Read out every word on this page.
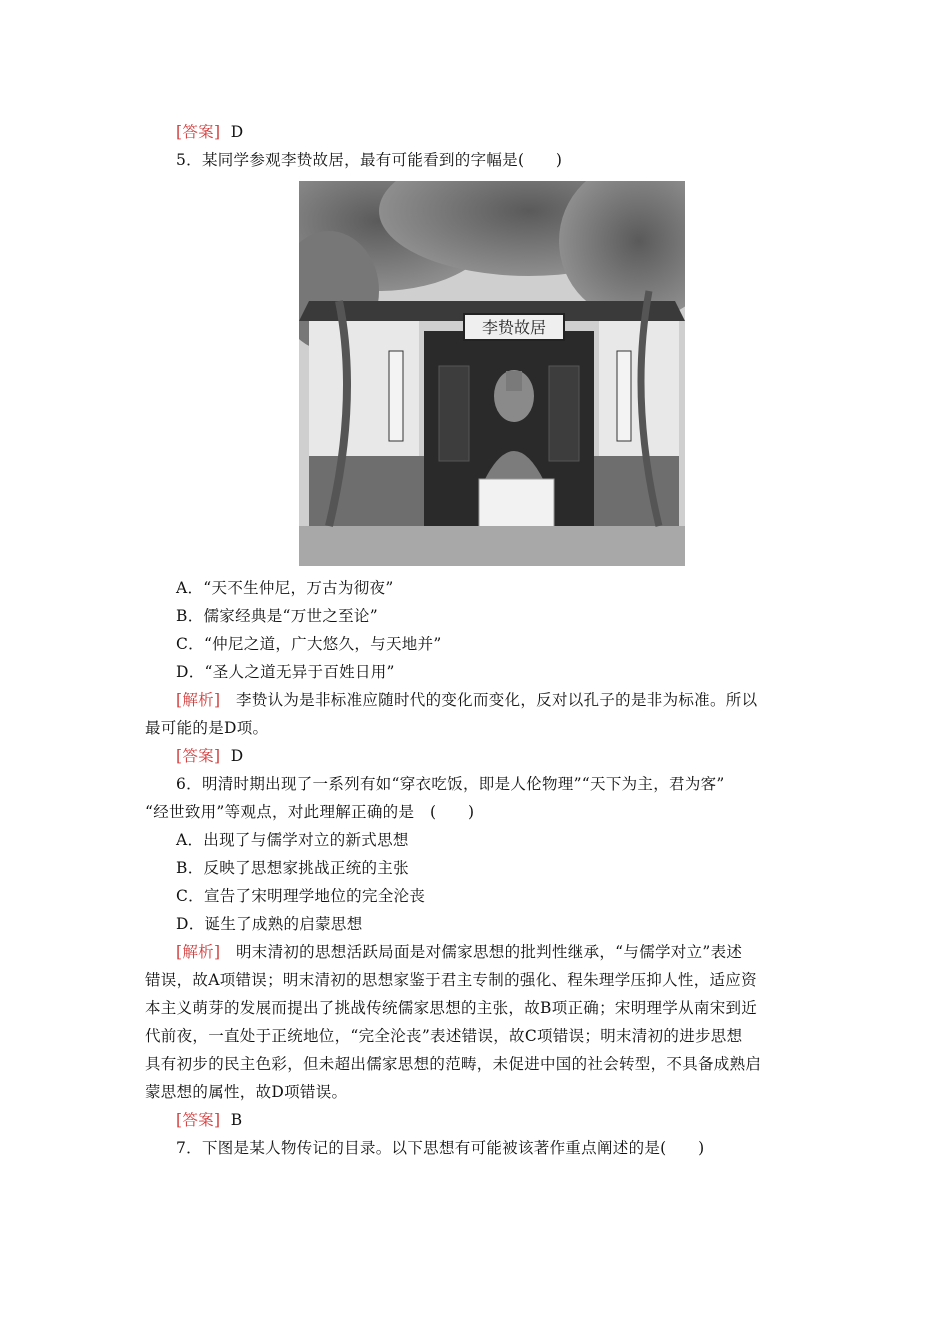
[答案] D
5．某同学参观李贽故居，最有可能看到的字幅是(　　)
李贽故居
A．“天不生仲尼，万古为彻夜”
B．儒家经典是“万世之至论”
C．“仲尼之道，广大悠久，与天地并”
D．“圣人之道无异于百姓日用”
[解析] 李贽认为是非标准应随时代的变化而变化，反对以孔子的是非为标准。所以
最可能的是D项。
[答案] D
6．明清时期出现了一系列有如“穿衣吃饭，即是人伦物理”“天下为主，君为客”
“经世致用”等观点，对此理解正确的是　(　　)
A．出现了与儒学对立的新式思想
B．反映了思想家挑战正统的主张
C．宣告了宋明理学地位的完全沦丧
D．诞生了成熟的启蒙思想
[解析] 明末清初的思想活跃局面是对儒家思想的批判性继承，“与儒学对立”表述
错误，故A项错误；明末清初的思想家鉴于君主专制的强化、程朱理学压抑人性，适应资
本主义萌芽的发展而提出了挑战传统儒家思想的主张，故B项正确；宋明理学从南宋到近
代前夜，一直处于正统地位，“完全沦丧”表述错误，故C项错误；明末清初的进步思想
具有初步的民主色彩，但未超出儒家思想的范畴，未促进中国的社会转型，不具备成熟启
蒙思想的属性，故D项错误。
[答案] B
7．下图是某人物传记的目录。以下思想有可能被该著作重点阐述的是(　　)
